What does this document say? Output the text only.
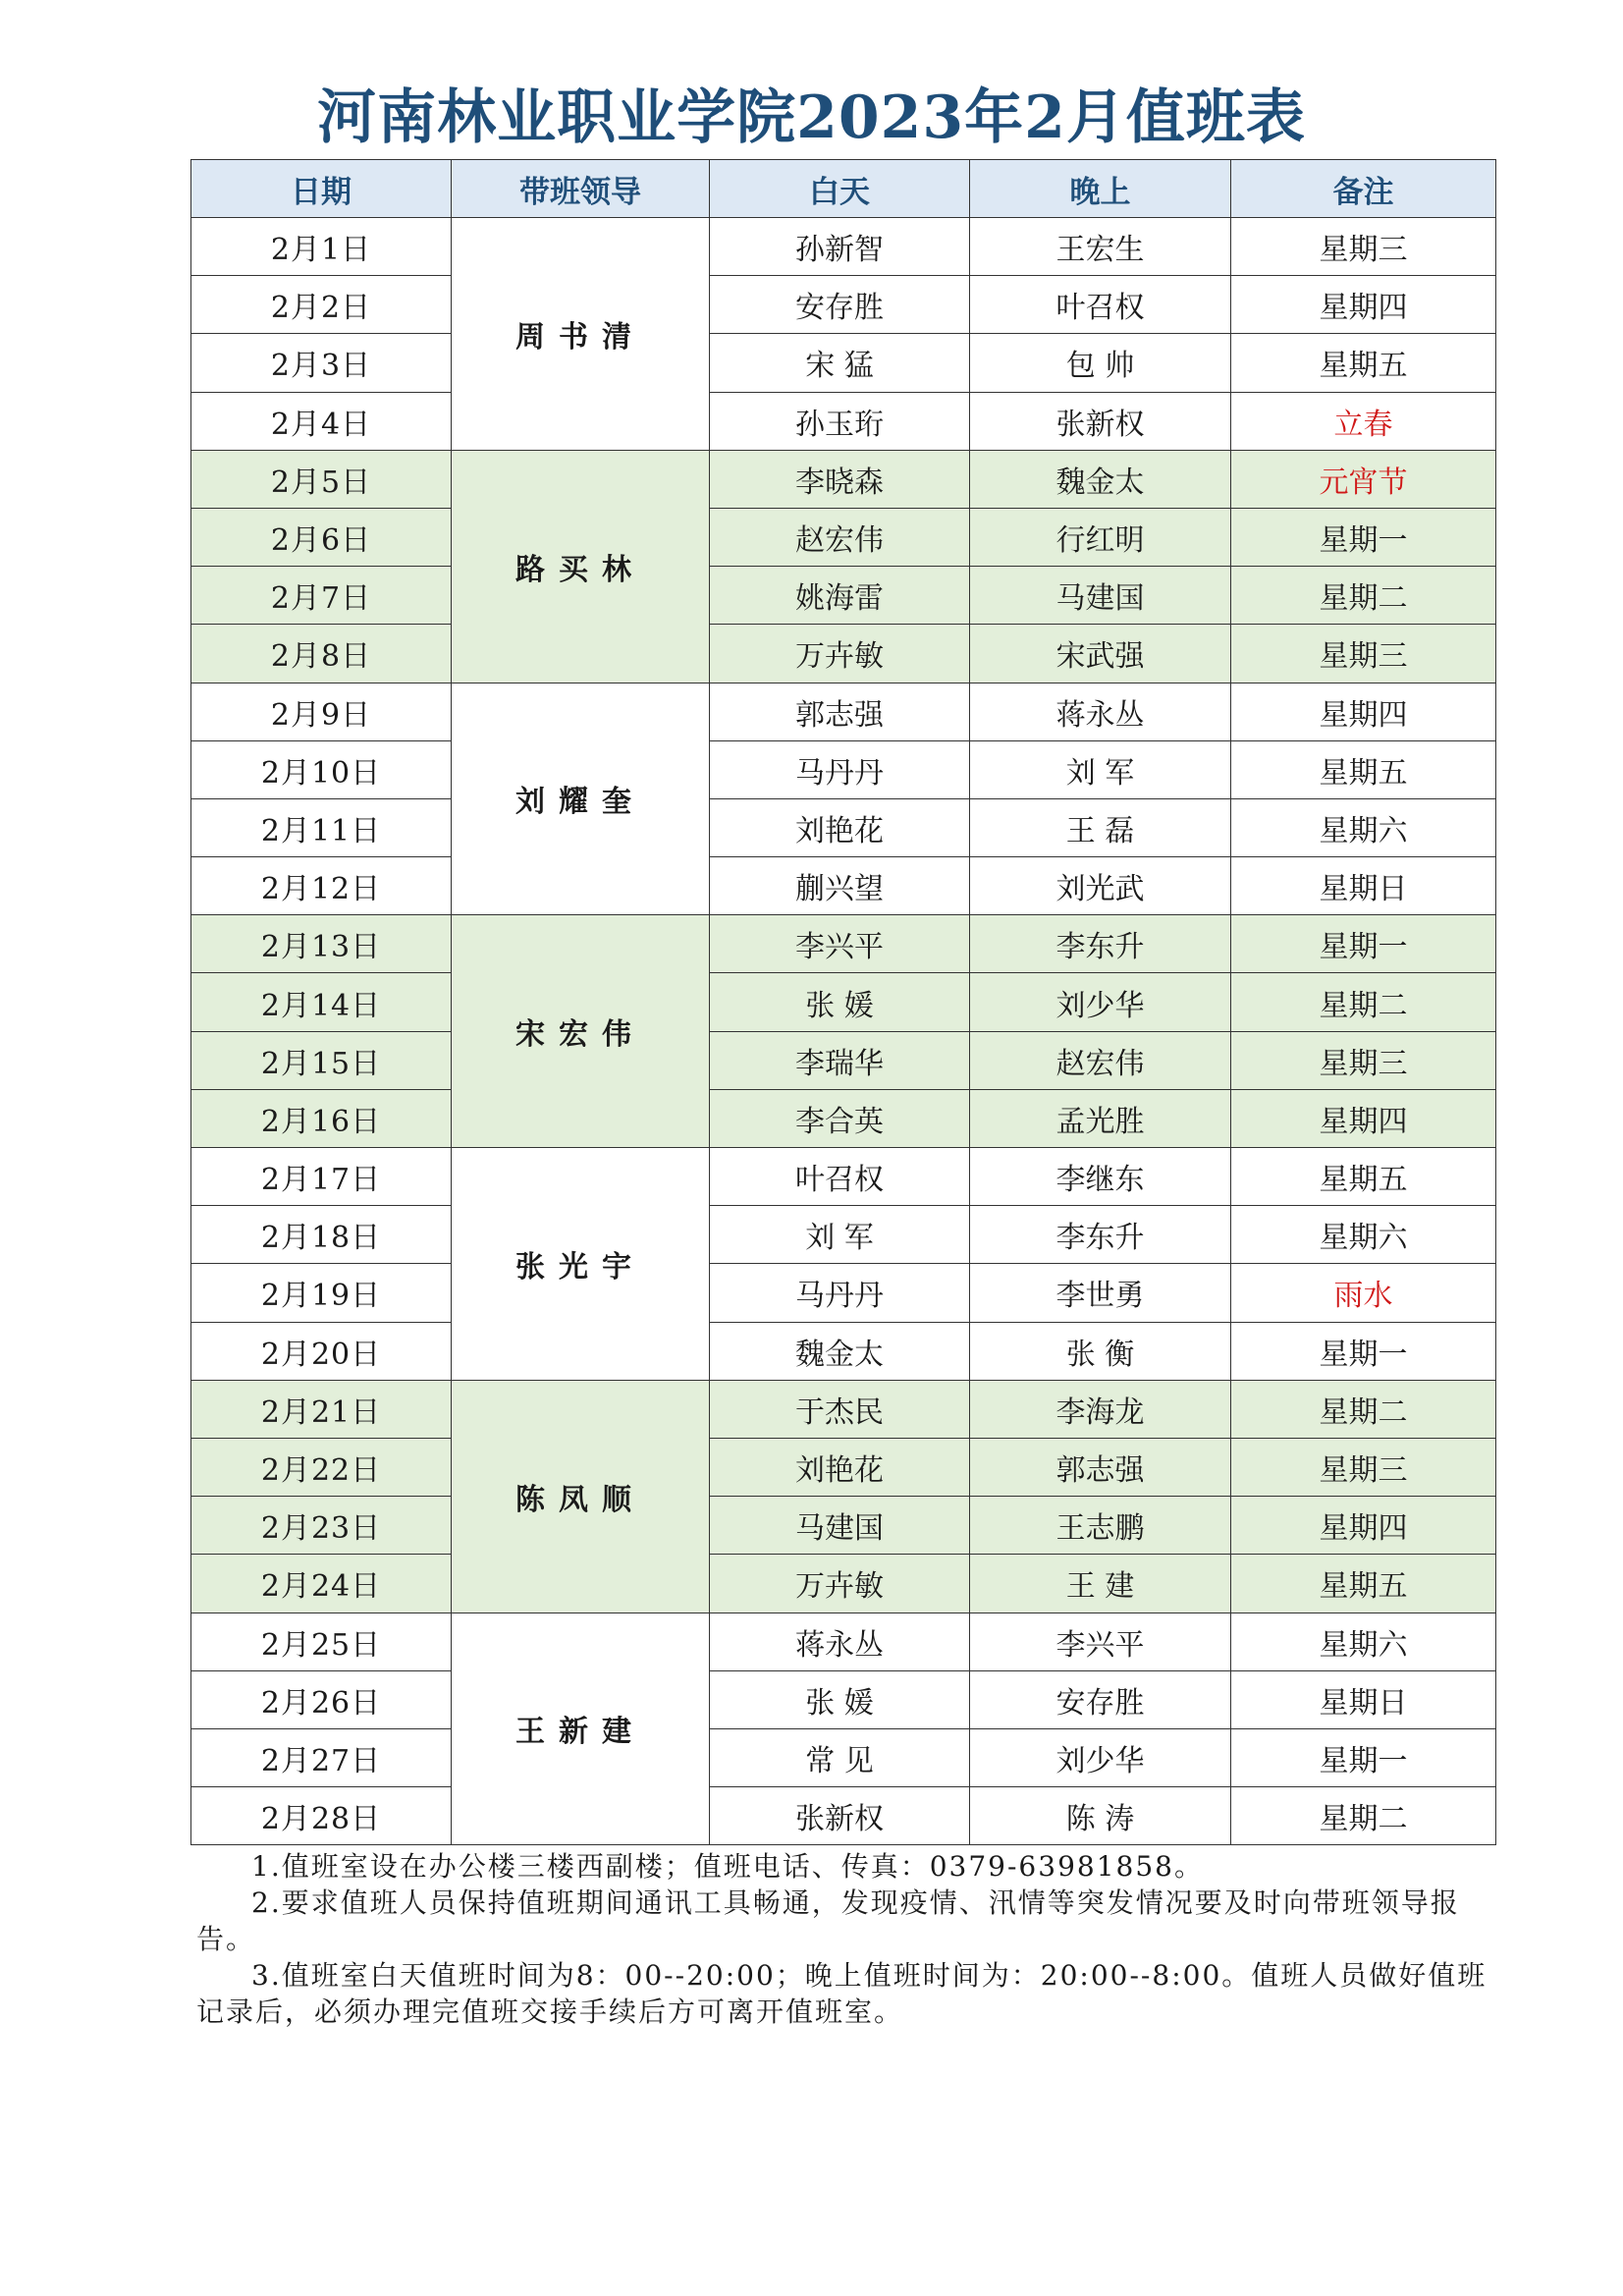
河南林业职业学院2023年2月值班表
日期	带班领导	白天	晚上	备注
2月1日	周书清	孙新智	王宏生	星期三
2月2日		安存胜	叶召权	星期四
2月3日		宋 猛	包 帅	星期五
2月4日		孙玉珩	张新权	立春
2月5日	路买林	李晓森	魏金太	元宵节
2月6日		赵宏伟	行红明	星期一
2月7日		姚海雷	马建国	星期二
2月8日		万卉敏	宋武强	星期三
2月9日	刘耀奎	郭志强	蒋永丛	星期四
2月10日		马丹丹	刘 军	星期五
2月11日		刘艳花	王 磊	星期六
2月12日		蒯兴望	刘光武	星期日
2月13日	宋宏伟	李兴平	李东升	星期一
2月14日		张 媛	刘少华	星期二
2月15日		李瑞华	赵宏伟	星期三
2月16日		李合英	孟光胜	星期四
2月17日	张光宇	叶召权	李继东	星期五
2月18日		刘 军	李东升	星期六
2月19日		马丹丹	李世勇	雨水
2月20日		魏金太	张 衡	星期一
2月21日	陈凤顺	于杰民	李海龙	星期二
2月22日		刘艳花	郭志强	星期三
2月23日		马建国	王志鹏	星期四
2月24日		万卉敏	王 建	星期五
2月25日	王新建	蒋永丛	李兴平	星期六
2月26日		张 媛	安存胜	星期日
2月27日		常 见	刘少华	星期一
2月28日		张新权	陈 涛	星期二

1.值班室设在办公楼三楼西副楼；值班电话、传真：0379-63981858。

2.要求值班人员保持值班期间通讯工具畅通，发现疫情、汛情等突发情况要及时向带班领导报告。

3.值班室白天值班时间为8：00--20:00；晚上值班时间为：20:00--8:00。值班人员做好值班记录后，必须办理完值班交接手续后方可离开值班室。
